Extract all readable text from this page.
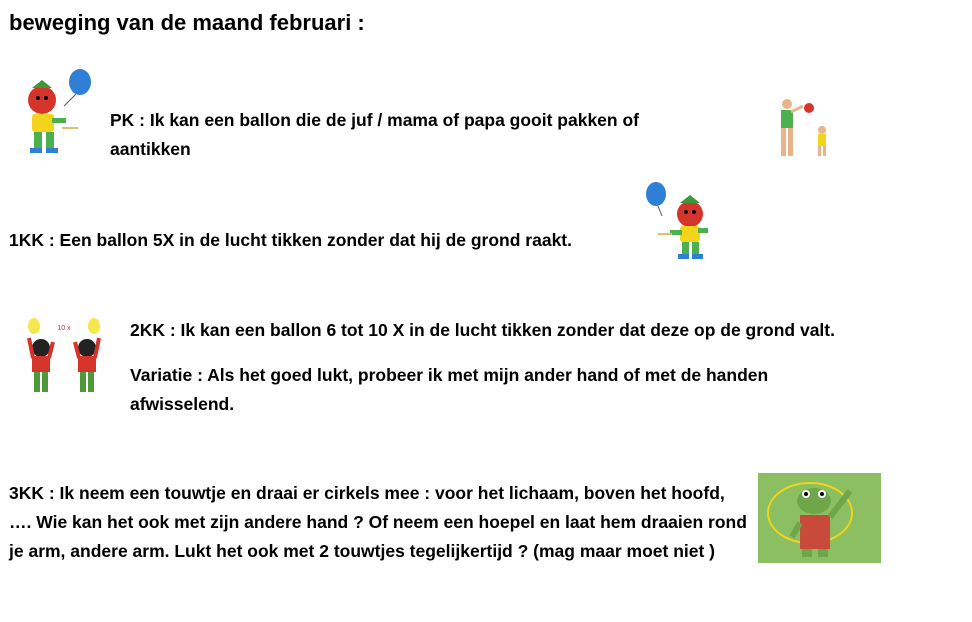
beweging van de maand februari :
PK : Ik kan een ballon die de juf / mama of papa gooit pakken of aantikken
1KK : Een ballon 5X in de lucht tikken zonder dat hij de grond raakt.
10 x	2KK : Ik kan een ballon 6 tot 10 X in de lucht tikken zonder dat deze op de grond valt.
Variatie : Als het goed lukt, probeer ik met mijn ander hand of met de handen afwisselend.
3KK : Ik neem een touwtje en draai er cirkels mee : voor het lichaam, boven het hoofd, …. Wie kan het ook met zijn andere hand ? Of neem een hoepel en laat hem draaien rond je arm, andere arm. Lukt het ook met 2 touwtjes tegelijkertijd ? (mag maar moet niet )
